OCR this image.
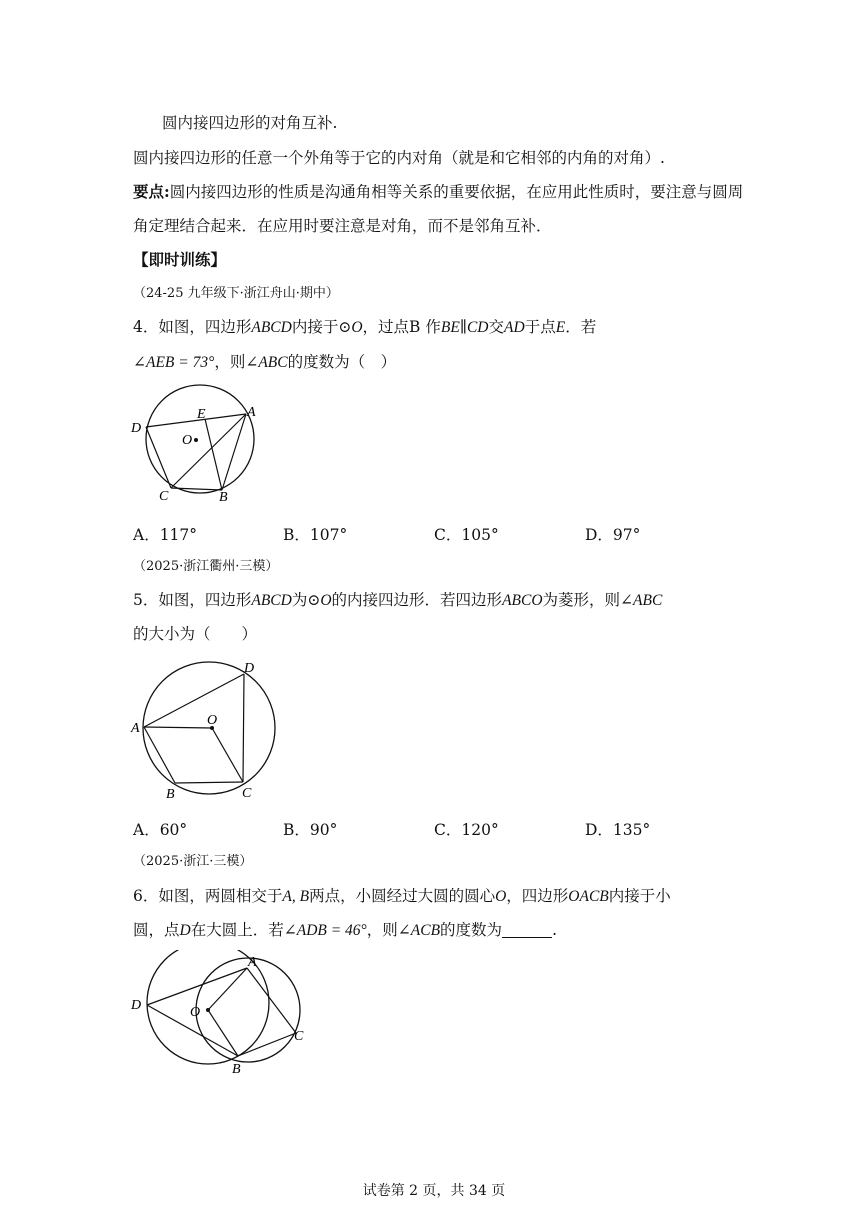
圆内接四边形的对角互补.
圆内接四边形的任意一个外角等于它的内对角（就是和它相邻的内角的对角）.
要点:圆内接四边形的性质是沟通角相等关系的重要依据，在应用此性质时，要注意与圆周
角定理结合起来．在应用时要注意是对角，而不是邻角互补．
【即时训练】
（24-25 九年级下·浙江舟山·期中）
4．如图，四边形ABCD内接于⊙O，过点B 作BE∥CD交AD于点E．若
∠AEB = 73°，则∠ABC的度数为（　）
D
E	A
O
C	B
A．117°	B．107°	C．105°	D．97°
（2025·浙江衢州·三模）
5．如图，四边形ABCD为⊙O的内接四边形．若四边形ABCO为菱形，则∠ABC
的大小为（　　）
D
A
O
B	C
A．60°	B．90°	C．120°	D．135°
（2025·浙江·三模）
6．如图，两圆相交于A, B两点，小圆经过大圆的圆心O，四边形OACB内接于小
圆，点D在大圆上．若∠ADB = 46°，则∠ACB的度数为	.
A
D	O
C
B
试卷第 2 页，共 34 页
